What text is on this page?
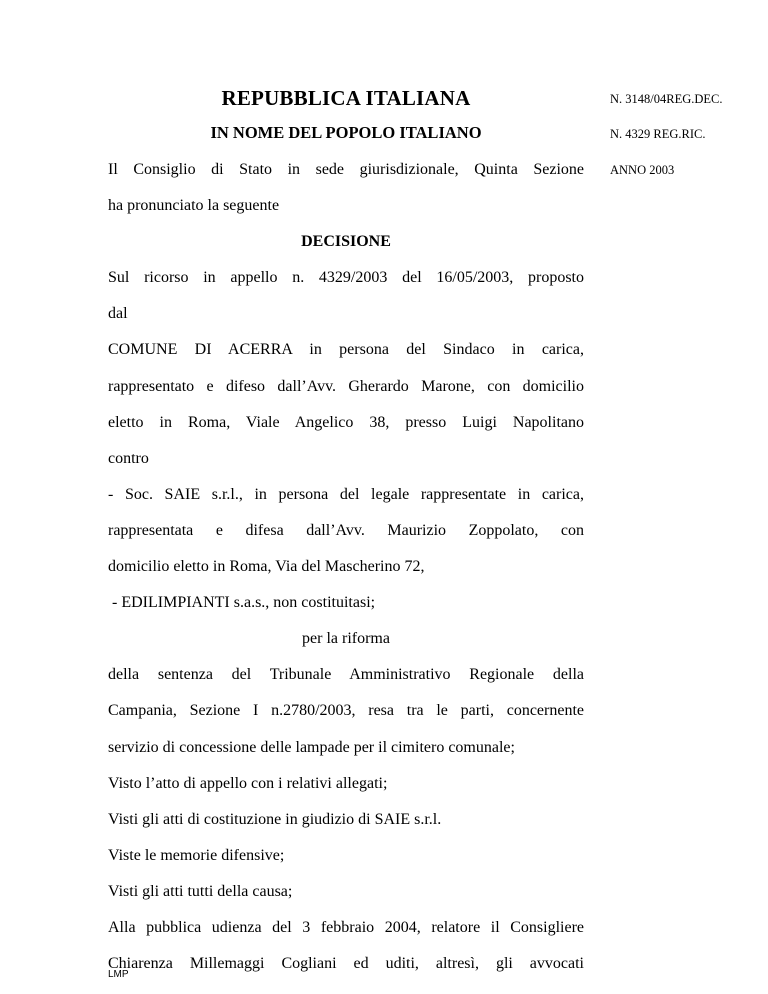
REPUBBLICA ITALIANA
IN NOME DEL POPOLO ITALIANO
N. 3148/04REG.DEC.
N. 4329 REG.RIC.
ANNO 2003
Il Consiglio di Stato in sede giurisdizionale, Quinta Sezione
ha pronunciato la seguente
DECISIONE
Sul ricorso in appello n. 4329/2003 del 16/05/2003, proposto
dal
COMUNE DI ACERRA in persona del Sindaco in carica,
rappresentato e difeso dall’Avv. Gherardo Marone, con domicilio
eletto in Roma, Viale Angelico 38, presso Luigi Napolitano
contro
- Soc. SAIE s.r.l., in persona del legale rappresentate in carica,
rappresentata e difesa dall’Avv. Maurizio Zoppolato, con
domicilio eletto in Roma, Via del Mascherino 72,
- EDILIMPIANTI s.a.s., non costituitasi;
per la riforma
della sentenza del Tribunale Amministrativo Regionale della
Campania, Sezione I n.2780/2003, resa tra le parti, concernente
servizio di concessione delle lampade per il cimitero comunale;
Visto l’atto di appello con i relativi allegati;
Visti gli atti di costituzione in giudizio di SAIE s.r.l.
Viste le memorie difensive;
Visti gli atti tutti della causa;
Alla pubblica udienza del 3 febbraio 2004, relatore il Consigliere
Chiarenza Millemaggi Cogliani ed uditi, altresì, gli avvocati
LMP
